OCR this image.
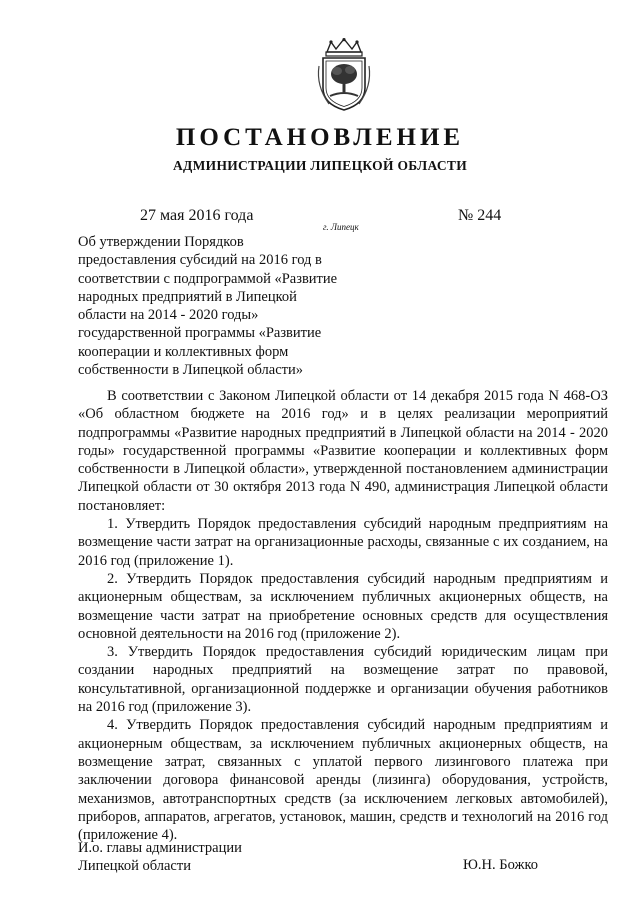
ПОСТАНОВЛЕНИЕ
АДМИНИСТРАЦИИ ЛИПЕЦКОЙ ОБЛАСТИ
27 мая 2016 года
г. Липецк
№ 244
Об утверждении Порядков
предоставления субсидий на 2016 год в
соответствии с подпрограммой «Развитие
народных предприятий в Липецкой
области на 2014 - 2020 годы»
государственной программы «Развитие
кооперации и коллективных форм
собственности в Липецкой области»

В соответствии с Законом Липецкой области от 14 декабря 2015 года N 468-ОЗ «Об областном бюджете на 2016 год» и в целях реализации мероприятий подпрограммы «Развитие народных предприятий в Липецкой области на 2014 - 2020 годы» государственной программы «Развитие кооперации и коллективных форм собственности в Липецкой области», утвержденной постановлением администрации Липецкой области от 30 октября 2013 года N 490, администрация Липецкой области постановляет:

1. Утвердить Порядок предоставления субсидий народным предприятиям на возмещение части затрат на организационные расходы, связанные с их созданием, на 2016 год (приложение 1).

2. Утвердить Порядок предоставления субсидий народным предприятиям и акционерным обществам, за исключением публичных акционерных обществ, на возмещение части затрат на приобретение основных средств для осуществления основной деятельности на 2016 год (приложение 2).

3. Утвердить Порядок предоставления субсидий юридическим лицам при создании народных предприятий на возмещение затрат по правовой, консультативной, организационной поддержке и организации обучения работников на 2016 год (приложение 3).

4. Утвердить Порядок предоставления субсидий народным предприятиям и акционерным обществам, за исключением публичных акционерных обществ, на возмещение затрат, связанных с уплатой первого лизингового платежа при заключении договора финансовой аренды (лизинга) оборудования, устройств, механизмов, автотранспортных средств (за исключением легковых автомобилей), приборов, аппаратов, агрегатов, установок, машин, средств и технологий на 2016 год (приложение 4).

И.о. главы администрации
Липецкой области	Ю.Н. Божко
